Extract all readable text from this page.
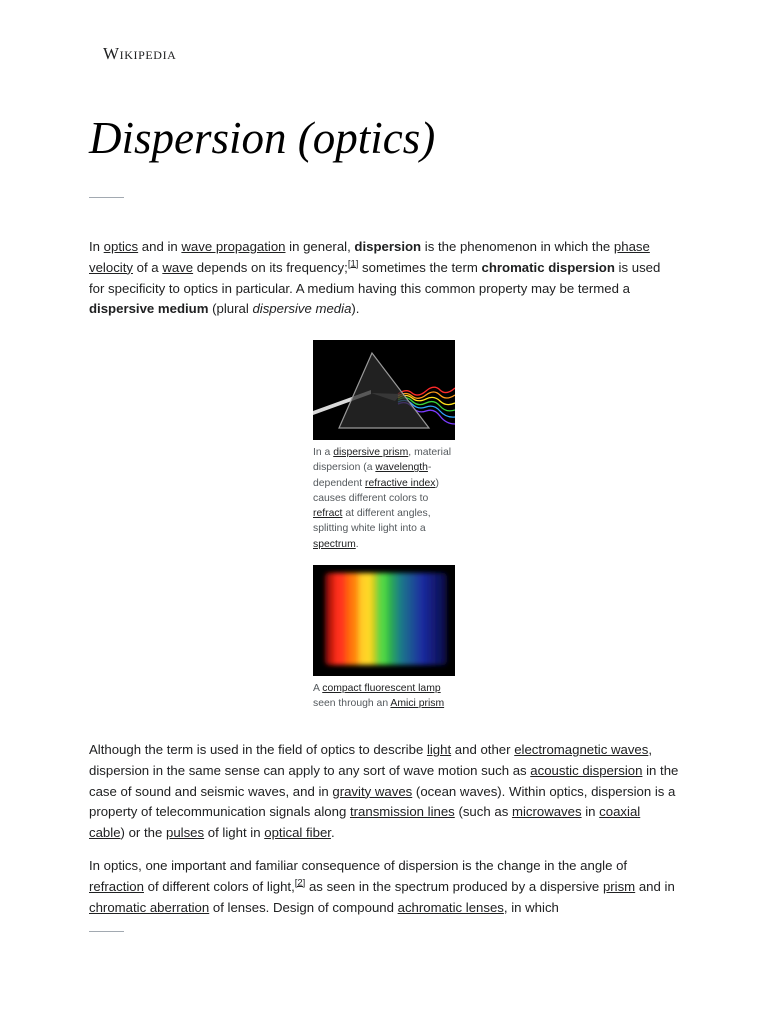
Wikipedia
Dispersion (optics)

In optics and in wave propagation in general, dispersion is the phenomenon in which the phase velocity of a wave depends on its frequency;[1] sometimes the term chromatic dispersion is used for specificity to optics in particular. A medium having this common property may be termed a dispersive medium (plural dispersive media).

In a dispersive prism, material dispersion (a wavelength-dependent refractive index) causes different colors to refract at different angles, splitting white light into a spectrum.
A compact fluorescent lamp seen through an Amici prism

Although the term is used in the field of optics to describe light and other electromagnetic waves, dispersion in the same sense can apply to any sort of wave motion such as acoustic dispersion in the case of sound and seismic waves, and in gravity waves (ocean waves). Within optics, dispersion is a property of telecommunication signals along transmission lines (such as microwaves in coaxial cable) or the pulses of light in optical fiber.

In optics, one important and familiar consequence of dispersion is the change in the angle of refraction of different colors of light,[2] as seen in the spectrum produced by a dispersive prism and in chromatic aberration of lenses. Design of compound achromatic lenses, in which
